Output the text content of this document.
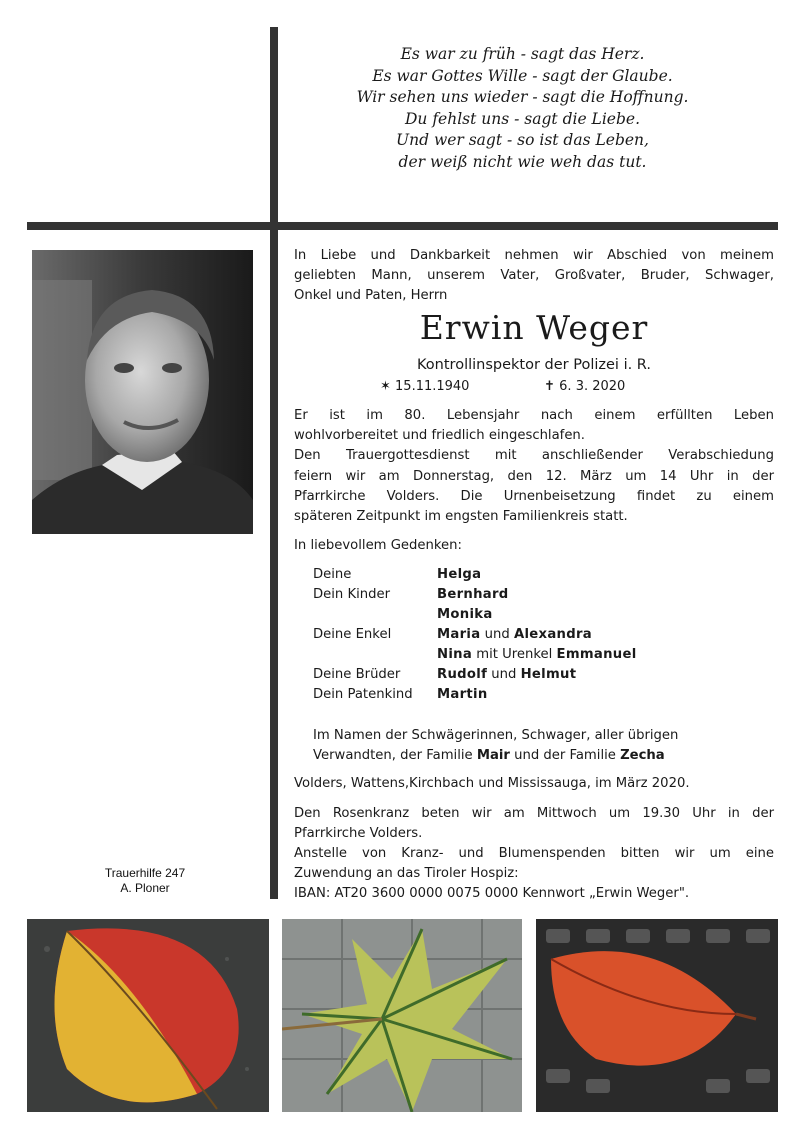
Es war zu früh - sagt das Herz.
Es war Gottes Wille - sagt der Glaube.
Wir sehen uns wieder - sagt die Hoffnung.
Du fehlst uns - sagt die Liebe.
Und wer sagt - so ist das Leben,
der weiß nicht wie weh das tut.
Trauerhilfe 247
A. Ploner
In Liebe und Dankbarkeit nehmen wir Abschied von meinem
geliebten Mann, unserem Vater, Großvater, Bruder, Schwager,
Onkel und Paten, Herrn
Erwin Weger
Kontrollinspektor der Polizei i. R.
✶ 15.11.1940	✝ 6. 3. 2020
Er ist im 80. Lebensjahr nach einem erfüllten Leben
wohlvorbereitet und friedlich eingeschlafen.
Den Trauergottesdienst mit anschließender Verabschiedung
feiern wir am Donnerstag, den 12. März um 14 Uhr in der
Pfarrkirche Volders. Die Urnenbeisetzung findet zu einem
späteren Zeitpunkt im engsten Familienkreis statt.
In liebevollem Gedenken:
Deine	Helga
Dein Kinder	Bernhard
Monika
Deine Enkel	Maria und Alexandra
Nina mit Urenkel Emmanuel
Deine Brüder	Rudolf und Helmut
Dein Patenkind	Martin
Im Namen der Schwägerinnen, Schwager, aller übrigen
Verwandten, der Familie Mair und der Familie Zecha
Volders, Wattens,Kirchbach und Mississauga, im März 2020.
Den Rosenkranz beten wir am Mittwoch um 19.30 Uhr in der
Pfarrkirche Volders.
Anstelle von Kranz- und Blumenspenden bitten wir um eine
Zuwendung an das Tiroler Hospiz:
IBAN: AT20 3600 0000 0075 0000 Kennwort „Erwin Weger".
